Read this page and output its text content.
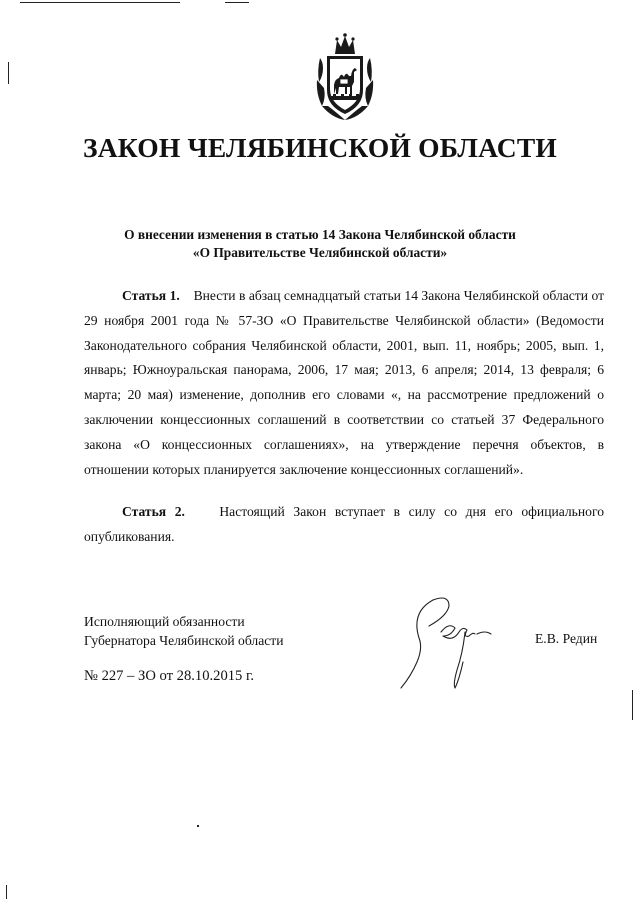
ЗАКОН ЧЕЛЯБИНСКОЙ ОБЛАСТИ
О внесении изменения в статью 14 Закона Челябинской области
«О Правительстве Челябинской области»
Статья 1. Внести в абзац семнадцатый статьи 14 Закона Челябинской области от 29 ноября 2001 года № 57-ЗО «О Правительстве Челябинской области» (Ведомости Законодательного собрания Челябинской области, 2001, вып. 11, ноябрь; 2005, вып. 1, январь; Южноуральская панорама, 2006, 17 мая; 2013, 6 апреля; 2014, 13 февраля; 6 марта; 20 мая) изменение, дополнив его словами «, на рассмотрение предложений о заключении концессионных соглашений в соответствии со статьей 37 Федерального закона «О концессионных соглашениях», на утверждение перечня объектов, в отношении которых планируется заключение концессионных соглашений».
Статья 2.	Настоящий Закон вступает в силу со дня его официального опубликования.
Исполняющий обязанности
Губернатора Челябинской области	Е.В. Редин
№ 227 – ЗО от 28.10.2015 г.
